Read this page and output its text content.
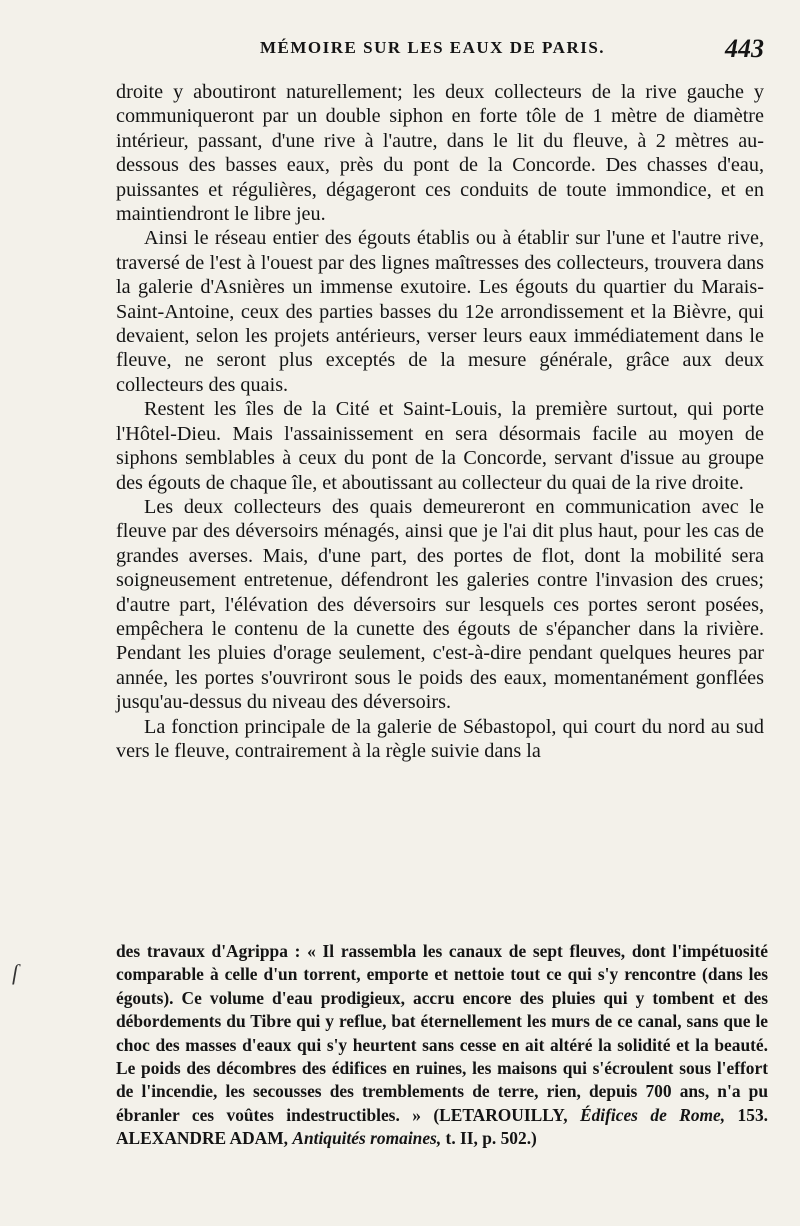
MÉMOIRE SUR LES EAUX DE PARIS.	443

droite y aboutiront naturellement; les deux collecteurs de la rive gauche y communiqueront par un double siphon en forte tôle de 1 mètre de diamètre intérieur, passant, d'une rive à l'autre, dans le lit du fleuve, à 2 mètres au-dessous des basses eaux, près du pont de la Concorde. Des chasses d'eau, puissantes et régulières, dégageront ces conduits de toute immondice, et en maintiendront le libre jeu.

Ainsi le réseau entier des égouts établis ou à établir sur l'une et l'autre rive, traversé de l'est à l'ouest par des lignes maîtresses des collecteurs, trouvera dans la galerie d'Asnières un immense exutoire. Les égouts du quartier du Marais-Saint-Antoine, ceux des parties basses du 12e arrondissement et la Bièvre, qui devaient, selon les projets antérieurs, verser leurs eaux immédiatement dans le fleuve, ne seront plus exceptés de la mesure générale, grâce aux deux collecteurs des quais.

Restent les îles de la Cité et Saint-Louis, la première surtout, qui porte l'Hôtel-Dieu. Mais l'assainissement en sera désormais facile au moyen de siphons semblables à ceux du pont de la Concorde, servant d'issue au groupe des égouts de chaque île, et aboutissant au collecteur du quai de la rive droite.

Les deux collecteurs des quais demeureront en communication avec le fleuve par des déversoirs ménagés, ainsi que je l'ai dit plus haut, pour les cas de grandes averses. Mais, d'une part, des portes de flot, dont la mobilité sera soigneusement entretenue, défendront les galeries contre l'invasion des crues; d'autre part, l'élévation des déversoirs sur lesquels ces portes seront posées, empêchera le contenu de la cunette des égouts de s'épancher dans la rivière. Pendant les pluies d'orage seulement, c'est-à-dire pendant quelques heures par année, les portes s'ouvriront sous le poids des eaux, momentanément gonflées jusqu'au-dessus du niveau des déversoirs.

La fonction principale de la galerie de Sébastopol, qui court du nord au sud vers le fleuve, contrairement à la règle suivie dans la

ſ

des travaux d'Agrippa : « Il rassembla les canaux de sept fleuves, dont l'impétuosité comparable à celle d'un torrent, emporte et nettoie tout ce qui s'y rencontre (dans les égouts). Ce volume d'eau prodigieux, accru encore des pluies qui y tombent et des débordements du Tibre qui y reflue, bat éternellement les murs de ce canal, sans que le choc des masses d'eaux qui s'y heurtent sans cesse en ait altéré la solidité et la beauté. Le poids des décombres des édifices en ruines, les maisons qui s'écroulent sous l'effort de l'incendie, les secousses des tremblements de terre, rien, depuis 700 ans, n'a pu ébranler ces voûtes indestructibles. » (LETAROUILLY, Édifices de Rome, 153. ALEXANDRE ADAM, Antiquités romaines, t. II, p. 502.)
